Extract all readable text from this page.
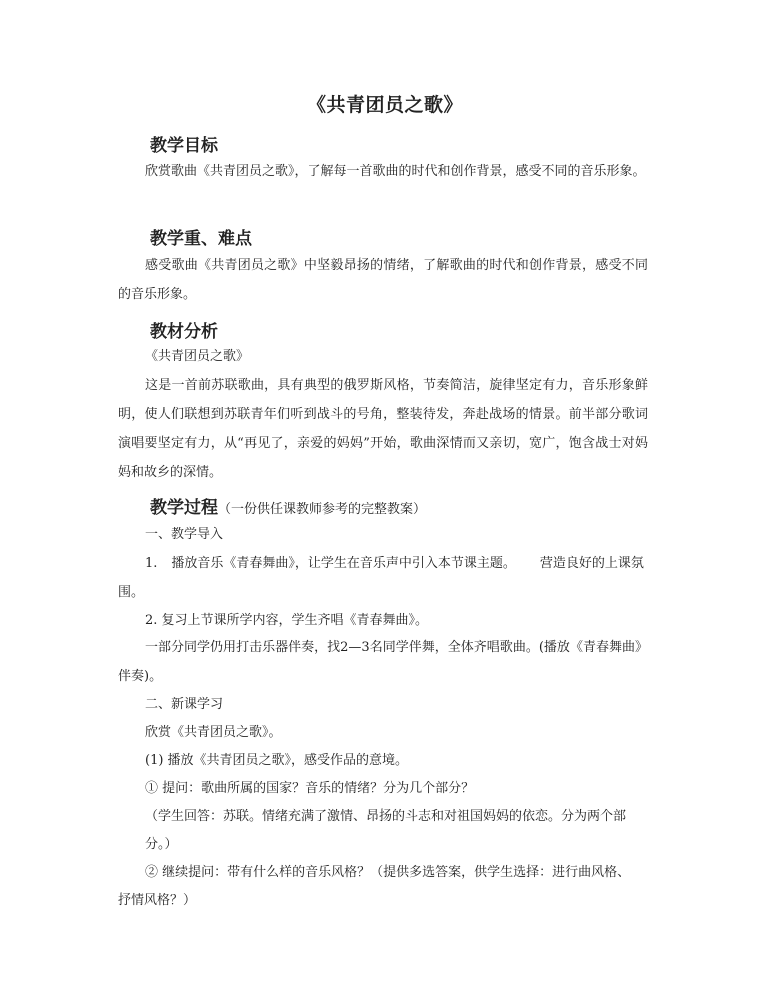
《共青团员之歌》
教学目标

欣赏歌曲《共青团员之歌》，了解每一首歌曲的时代和创作背景，感受不同的音乐形象。

教学重、难点

感受歌曲《共青团员之歌》中坚毅昂扬的情绪，了解歌曲的时代和创作背景，感受不同的音乐形象。

教材分析
《共青团员之歌》

这是一首前苏联歌曲，具有典型的俄罗斯风格，节奏简洁，旋律坚定有力，音乐形象鲜明，使人们联想到苏联青年们听到战斗的号角，整装待发，奔赴战场的情景。前半部分歌词演唱要坚定有力，从“再见了，亲爱的妈妈”开始，歌曲深情而又亲切，宽广，饱含战士对妈妈和故乡的深情。

教学过程（一份供任课教师参考的完整教案）
一、教学导入
1. 播放音乐《青春舞曲》，让学生在音乐声中引入本节课主题。 营造良好的上课氛
围。
2. 复习上节课所学内容，学生齐唱《青春舞曲》。

一部分同学仍用打击乐器伴奏，找2—3名同学伴舞，全体齐唱歌曲。(播放《青春舞曲》伴奏)。

二、新课学习
欣赏《共青团员之歌》。
(1) 播放《共青团员之歌》，感受作品的意境。
① 提问：歌曲所属的国家？音乐的情绪？分为几个部分？
（学生回答：苏联。情绪充满了激情、昂扬的斗志和对祖国妈妈的依恋。分为两个部
分。）
② 继续提问：带有什么样的音乐风格？（提供多选答案，供学生选择：进行曲风格、
抒情风格？）
